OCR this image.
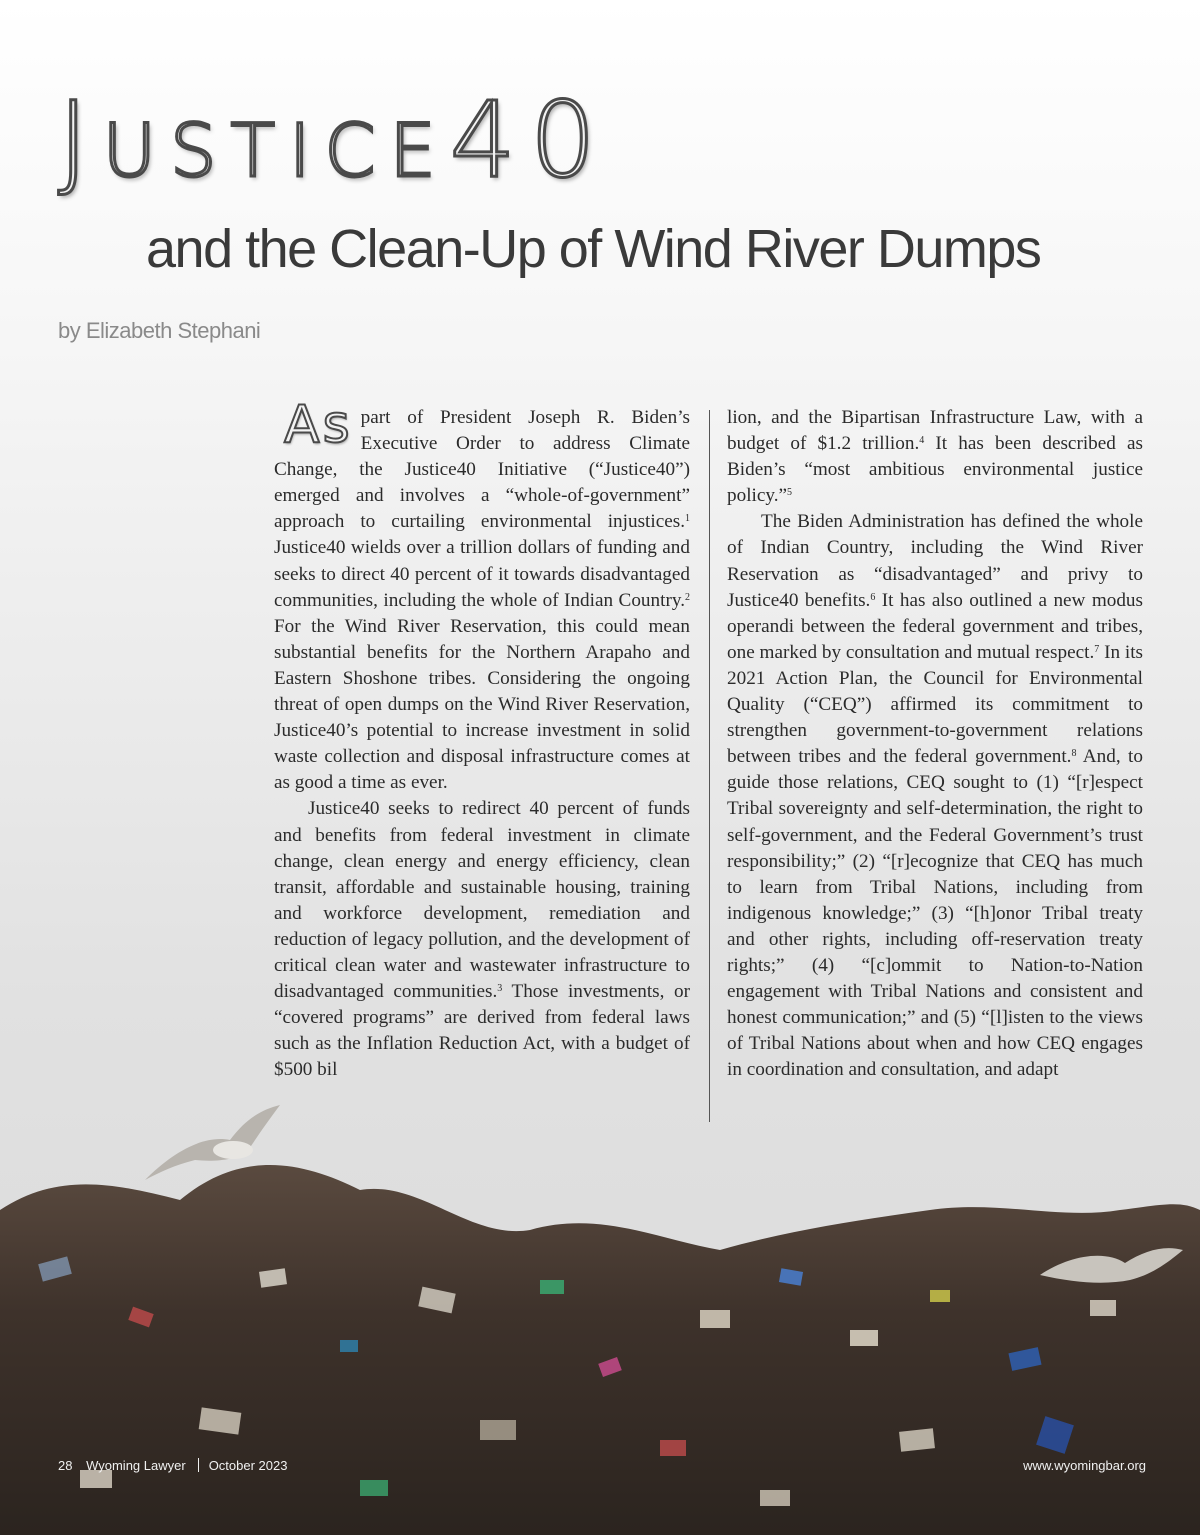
Justice40
and the Clean-Up of Wind River Dumps
by Elizabeth Stephani

As part of President Joseph R. Biden’s Executive Order to address Climate Change, the Justice40 Initiative (“Justice40”) emerged and involves a “whole-of-government” approach to curtailing environmental injustices.$^1$ Justice40 wields over a trillion dollars of funding and seeks to direct 40 percent of it towards disadvantaged communities, including the whole of Indian Country.$^2$ For the Wind River Reservation, this could mean substantial benefits for the Northern Arapaho and Eastern Shoshone tribes. Considering the ongoing threat of open dumps on the Wind River Reservation, Justice40’s potential to increase investment in solid waste collection and disposal infrastructure comes at as good a time as ever.

Justice40 seeks to redirect 40 percent of funds and benefits from federal investment in climate change, clean energy and energy efficiency, clean transit, affordable and sustainable housing, training and workforce development, remediation and reduction of legacy pollution, and the development of critical clean water and wastewater infrastructure to disadvantaged communities.$^3$ Those investments, or “covered programs” are derived from federal laws such as the Inflation Reduction Act, with a budget of $500 bil

lion, and the Bipartisan Infrastructure Law, with a budget of $1.2 trillion.$^4$ It has been described as Biden’s “most ambitious environmental justice policy.”$^5$

The Biden Administration has defined the whole of Indian Country, including the Wind River Reservation as “disadvantaged” and privy to Justice40 benefits.$^6$ It has also outlined a new modus operandi between the federal government and tribes, one marked by consultation and mutual respect.$^7$ In its 2021 Action Plan, the Council for Environmental Quality (“CEQ”) affirmed its commitment to strengthen government-to-government relations between tribes and the federal government.$^8$ And, to guide those relations, CEQ sought to (1) “[r]espect Tribal sovereignty and self-determination, the right to self-government, and the Federal Government’s trust responsibility;” (2) “[r]ecognize that CEQ has much to learn from Tribal Nations, including from indigenous knowledge;” (3) “[h]onor Tribal treaty and other rights, including off-reservation treaty rights;” (4) “[c]ommit to Nation-to-Nation engagement with Tribal Nations and consistent and honest communication;” and (5) “[l]isten to the views of Tribal Nations about when and how CEQ engages in coordination and consultation, and adapt

28 Wyoming Lawyer October 2023	www.wyomingbar.org
